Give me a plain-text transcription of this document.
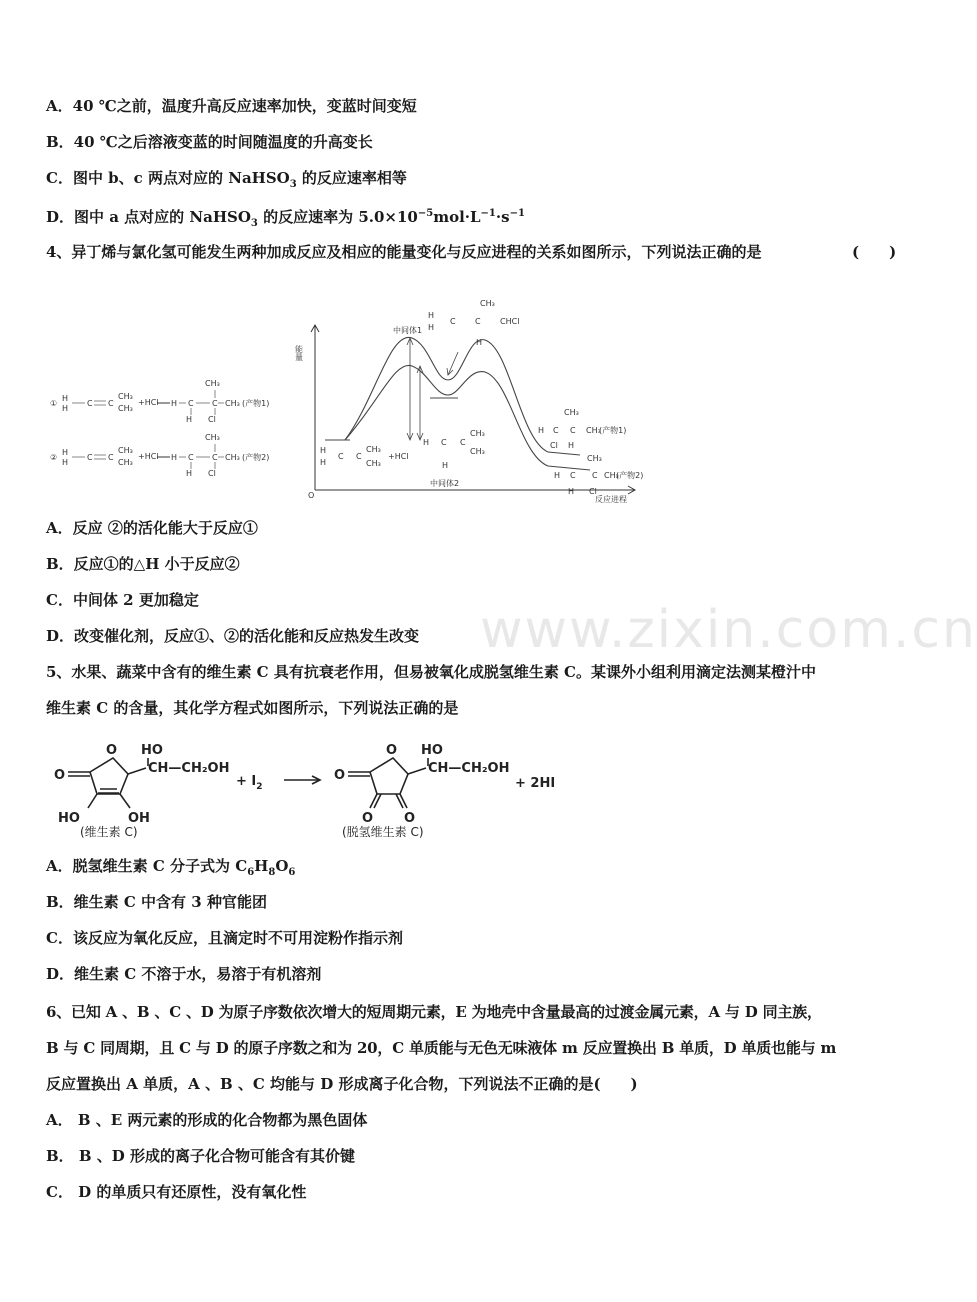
www.zixin.com.cn
A．40 ℃之前，温度升高反应速率加快，变蓝时间变短
B．40 ℃之后溶液变蓝的时间随温度的升高变长
C．图中 b、c 两点对应的 NaHSO$_3$ 的反应速率相等
D．图中 a 点对应的 NaHSO$_3$ 的反应速率为 $5.0\times 10^{-5}mol\cdot L^{-1}\cdot s^{-1}$
4、异丁烯与氯化氢可能发生两种加成反应及相应的能量变化与反应进程的关系如图所示，下列说法正确的是	(　　)
①
H
H
C C
CH₃
CH₃
+HCl H C C
CH₃
H Cl
CH₃ (产物1)
②
H
H
C C
CH₃
CH₃
+HCl H C C
CH₃
H Cl
CH₃ (产物2)
能量
反应进程
O
中间体1
中间体2
H
H
C C
CH₃
CH₃
+HCl
H
H
C C
CH₃
H
CHCl
H C
H
C
CH₃
CH₃
H C C
CH₃
Cl H
CH₃
(产物1)
H C C
CH₃
H Cl
CH₃
(产物2)
A．反应 ②的活化能大于反应①
B．反应①的△H 小于反应②
C．中间体 2 更加稳定
D．改变催化剂，反应①、②的活化能和反应热发生改变
5、水果、蔬菜中含有的维生素 C 具有抗衰老作用，但易被氧化成脱氢维生素 C。某课外小组利用滴定法测某橙汁中
维生素 C 的含量，其化学方程式如图所示，下列说法正确的是
O
O
HO	OH
HO
CH—CH₂OH
(维生素 C)
+ $I_2$
O
O
O O
HO
CH—CH₂OH
+ 2HI
(脱氢维生素 C)
A．脱氢维生素 C 分子式为 $C_6H_8O_6$
B．维生素 C 中含有 3 种官能团
C．该反应为氧化反应，且滴定时不可用淀粉作指示剂
D．维生素 C 不溶于水，易溶于有机溶剂
6、已知 A 、B 、C 、D 为原子序数依次增大的短周期元素，E 为地壳中含量最高的过渡金属元素，A 与 D 同主族，
B 与 C 同周期，且 C 与 D 的原子序数之和为 20，C 单质能与无色无味液体 m 反应置换出 B 单质，D 单质也能与 m
反应置换出 A 单质，A 、B 、C 均能与 D 形成离子化合物，下列说法不正确的是(　　)
A． B 、E 两元素的形成的化合物都为黑色固体
B． B 、D 形成的离子化合物可能含有其价键
C． D 的单质只有还原性，没有氧化性
